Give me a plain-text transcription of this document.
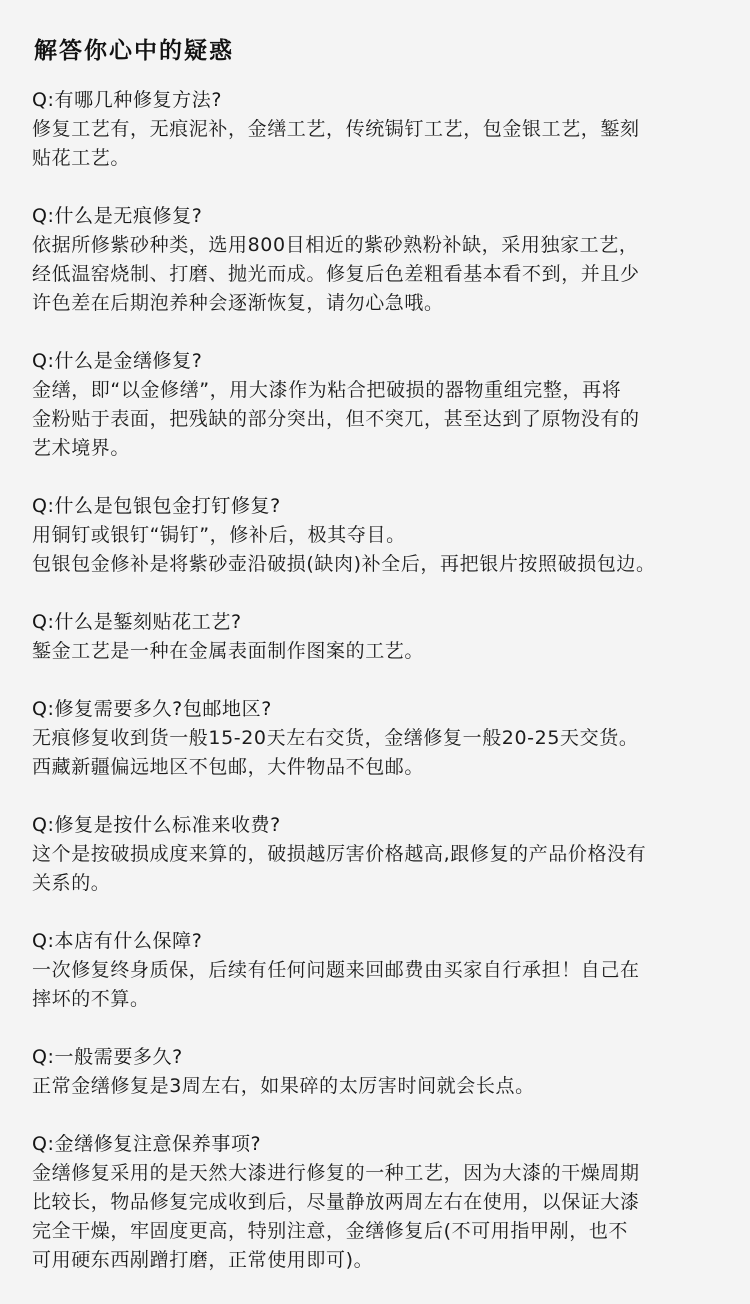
解答你心中的疑惑
Q:有哪几种修复方法?
修复工艺有，无痕泥补，金缮工艺，传统锔钉工艺，包金银工艺，錾刻
贴花工艺。
Q:什么是无痕修复?
依据所修紫砂种类，选用800目相近的紫砂熟粉补缺，采用独家工艺，
经低温窑烧制、打磨、抛光而成。修复后色差粗看基本看不到，并且少
许色差在后期泡养种会逐渐恢复，请勿心急哦。
Q:什么是金缮修复?
金缮，即“以金修缮”，用大漆作为粘合把破损的器物重组完整，再将
金粉贴于表面，把残缺的部分突出，但不突兀，甚至达到了原物没有的
艺术境界。
Q:什么是包银包金打钉修复?
用铜钉或银钉“锔钉”，修补后，极其夺目。
包银包金修补是将紫砂壶沿破损(缺肉)补全后，再把银片按照破损包边。
Q:什么是錾刻贴花工艺?
錾金工艺是一种在金属表面制作图案的工艺。
Q:修复需要多久?包邮地区?
无痕修复收到货一般15-20天左右交货，金缮修复一般20-25天交货。
西藏新疆偏远地区不包邮，大件物品不包邮。
Q:修复是按什么标准来收费?
这个是按破损成度来算的，破损越厉害价格越高,跟修复的产品价格没有
关系的。
Q:本店有什么保障?
一次修复终身质保，后续有任何问题来回邮费由买家自行承担！自己在
摔坏的不算。
Q:一般需要多久?
正常金缮修复是3周左右，如果碎的太厉害时间就会长点。
Q:金缮修复注意保养事项?
金缮修复采用的是天然大漆进行修复的一种工艺，因为大漆的干燥周期
比较长，物品修复完成收到后，尽量静放两周左右在使用，以保证大漆
完全干燥，牢固度更高，特别注意，金缮修复后(不可用指甲剐，也不
可用硬东西剐蹭打磨，正常使用即可)。
